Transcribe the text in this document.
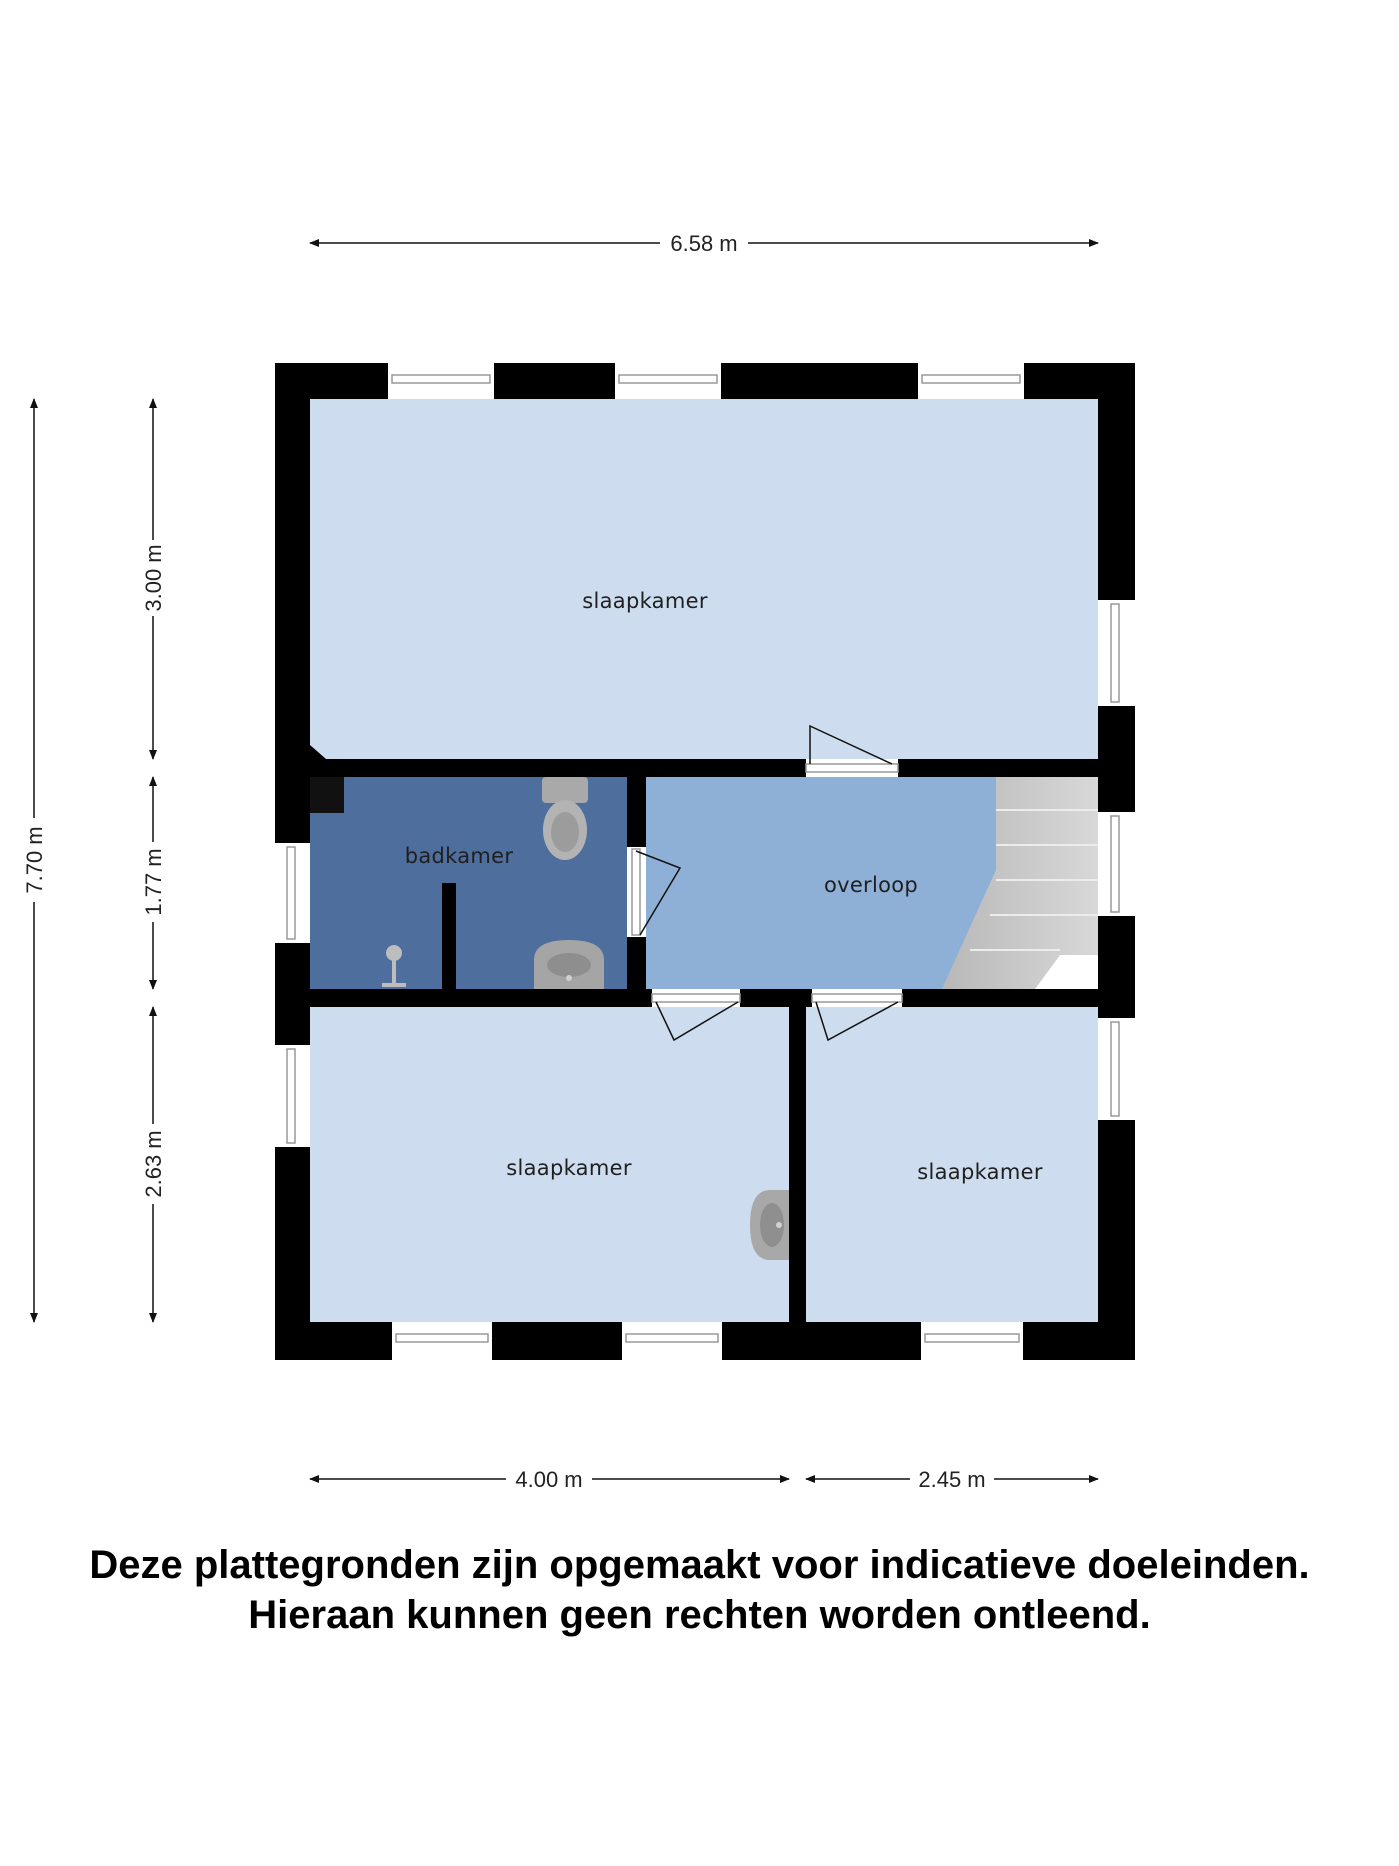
slaapkamer
badkamer
overloop
slaapkamer	slaapkamer
6.58 m
7.70 m
3.00 m
1.77 m
2.63 m
4.00 m	2.45 m
Deze plattegronden zijn opgemaakt voor indicatieve doeleinden.
Hieraan kunnen geen rechten worden ontleend.
